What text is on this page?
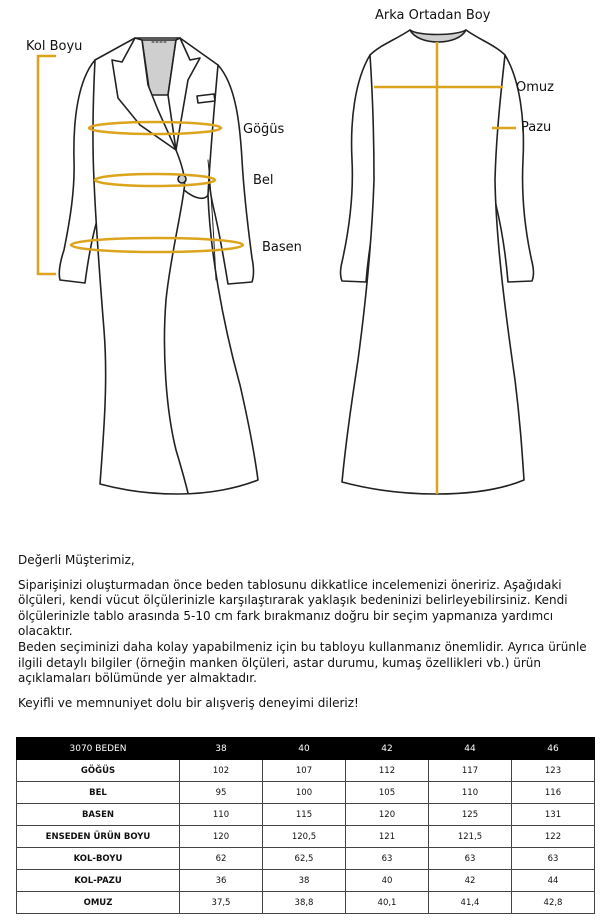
Kol Boyu
Göğüs
Bel
Basen
Arka Ortadan Boy
Omuz
Pazu

Değerli Müşterimiz,

Siparişinizi oluşturmadan önce beden tablosunu dikkatlice incelemenizi öneririz. Aşağıdaki ölçüleri, kendi vücut ölçülerinizle karşılaştırarak yaklaşık bedeninizi belirleyebilirsiniz. Kendi ölçülerinizle tablo arasında 5-10 cm fark bırakmanız doğru bir seçim yapmanıza yardımcı olacaktır.

Beden seçiminizi daha kolay yapabilmeniz için bu tabloyu kullanmanız önemlidir. Ayrıca ürünle ilgili detaylı bilgiler (örneğin manken ölçüleri, astar durumu, kumaş özellikleri vb.) ürün açıklamaları bölümünde yer almaktadır.

Keyifli ve memnuniyet dolu bir alışveriş deneyimi dileriz!

3070 BEDEN	38	40	42	44	46
GÖĞÜS	102	107	112	117	123
BEL	95	100	105	110	116
BASEN	110	115	120	125	131
ENSEDEN ÜRÜN BOYU	120	120,5	121	121,5	122
KOL-BOYU	62	62,5	63	63	63
KOL-PAZU	36	38	40	42	44
OMUZ	37,5	38,8	40,1	41,4	42,8
